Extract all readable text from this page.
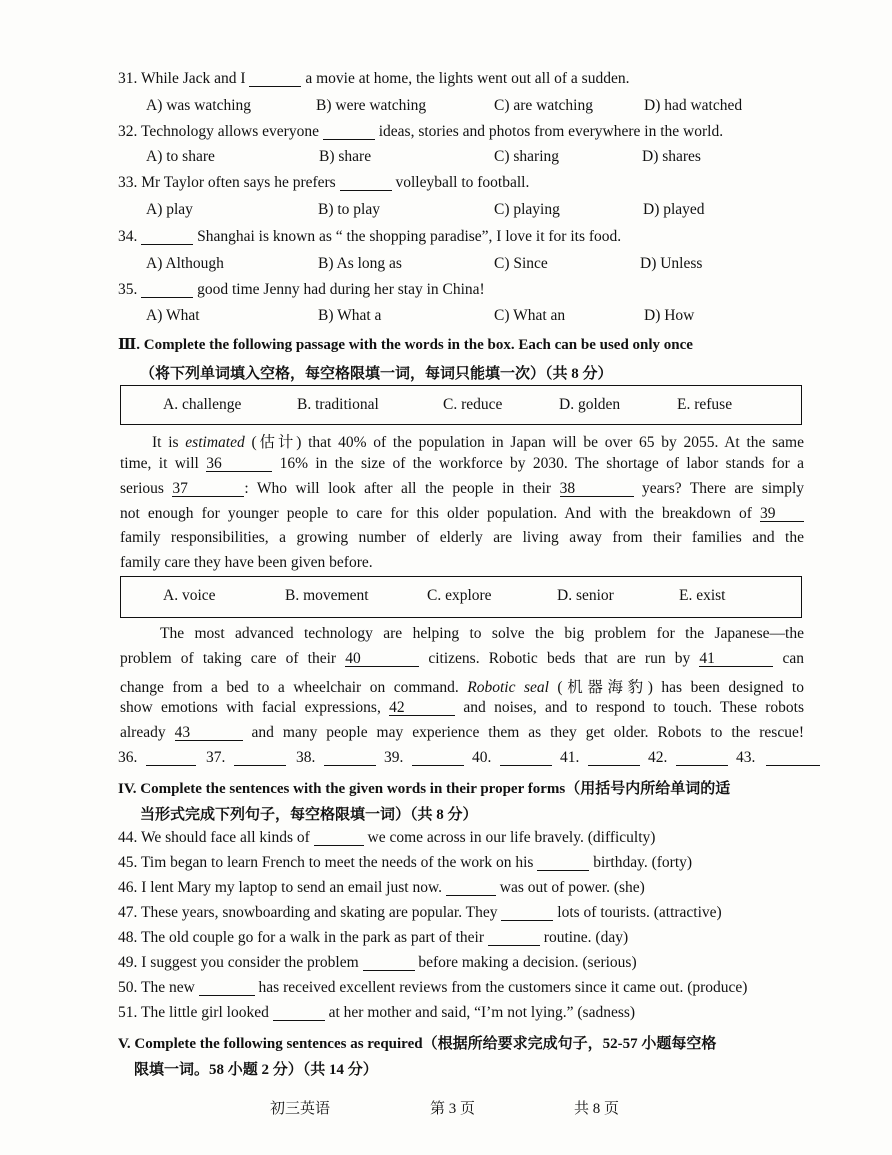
31. While Jack and I	a movie at home, the lights went out all of a sudden.
A) was watching	B) were watching	C) are watching	D) had watched
32. Technology allows everyone	ideas, stories and photos from everywhere in the world.
A) to share	B) share	C) sharing	D) shares
33. Mr Taylor often says he prefers	volleyball to football.
A) play	B) to play	C) playing	D) played
34.	Shanghai is known as “ the shopping paradise”, I love it for its food.
A) Although	B) As long as	C) Since	D) Unless
35.	good time Jenny had during her stay in China!
A) What	B) What a	C) What an	D) How
Ⅲ. Complete the following passage with the words in the box. Each can be used only once
（将下列单词填入空格，每空格限填一词，每词只能填一次）（共 8 分）
A. challenge	B. traditional	C. reduce	D. golden	E. refuse
It is estimated (估计) that 40% of the population in Japan will be over 65 by 2055. At the same
time, it will 36	16% in the size of the workforce by 2030. The shortage of labor stands for a
serious 37	: Who will look after all the people in their 38	years? There are simply
not enough for younger people to care for this older population. And with the breakdown of 39
family responsibilities, a growing number of elderly are living away from their families and the
family care they have been given before.
A. voice	B. movement	C. explore	D. senior	E. exist
The most advanced technology are helping to solve the big problem for the Japanese—the
problem of taking care of their 40	citizens. Robotic beds that are run by 41	can
change from a bed to a wheelchair on command. Robotic seal (机器海豹) has been designed to
show emotions with facial expressions, 42	and noises, and to respond to touch. These robots
already 43	and many people may experience them as they get older. Robots to the rescue!
36.
	37.
	38.
	39.
	40.
	41.
	42.
	43.

IV. Complete the sentences with the given words in their proper forms（用括号内所给单词的适
当形式完成下列句子，每空格限填一词）（共 8 分）
44. We should face all kinds of	we come across in our life bravely. (difficulty)
45. Tim began to learn French to meet the needs of the work on his	birthday. (forty)
46. I lent Mary my laptop to send an email just now.	was out of power. (she)
47. These years, snowboarding and skating are popular. They	lots of tourists. (attractive)
48. The old couple go for a walk in the park as part of their	routine. (day)
49. I suggest you consider the problem	before making a decision. (serious)
50. The new	has received excellent reviews from the customers since it came out. (produce)
51. The little girl looked	at her mother and said, “I’m not lying.” (sadness)
V. Complete the following sentences as required（根据所给要求完成句子，52-57 小题每空格
限填一词。58 小题 2 分）（共 14 分）
初三英语	第 3 页	共 8 页
